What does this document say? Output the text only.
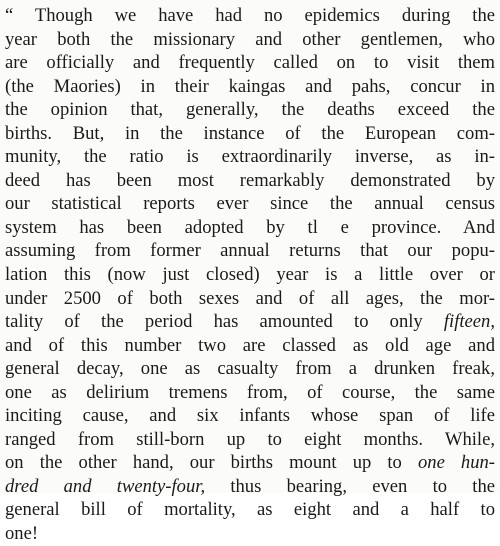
“ Though we have had no epidemics during the
year both the missionary and other gentlemen, who
are officially and frequently called on to visit them
(the Maories) in their kaingas and pahs, concur in
the opinion that, generally, the deaths exceed the
births. But, in the instance of the European com-
munity, the ratio is extraordinarily inverse, as in-
deed has been most remarkably demonstrated by
our statistical reports ever since the annual census
system has been adopted by tl e province. And
assuming from former annual returns that our popu-
lation this (now just closed) year is a little over or
under 2500 of both sexes and of all ages, the mor-
tality of the period has amounted to only fifteen,
and of this number two are classed as old age and
general decay, one as casualty from a drunken freak,
one as delirium tremens from, of course, the same
inciting cause, and six infants whose span of life
ranged from still-born up to eight months. While,
on the other hand, our births mount up to one hun-
dred and twenty-four, thus bearing, even to the
general bill of mortality, as eight and a half to
one!
